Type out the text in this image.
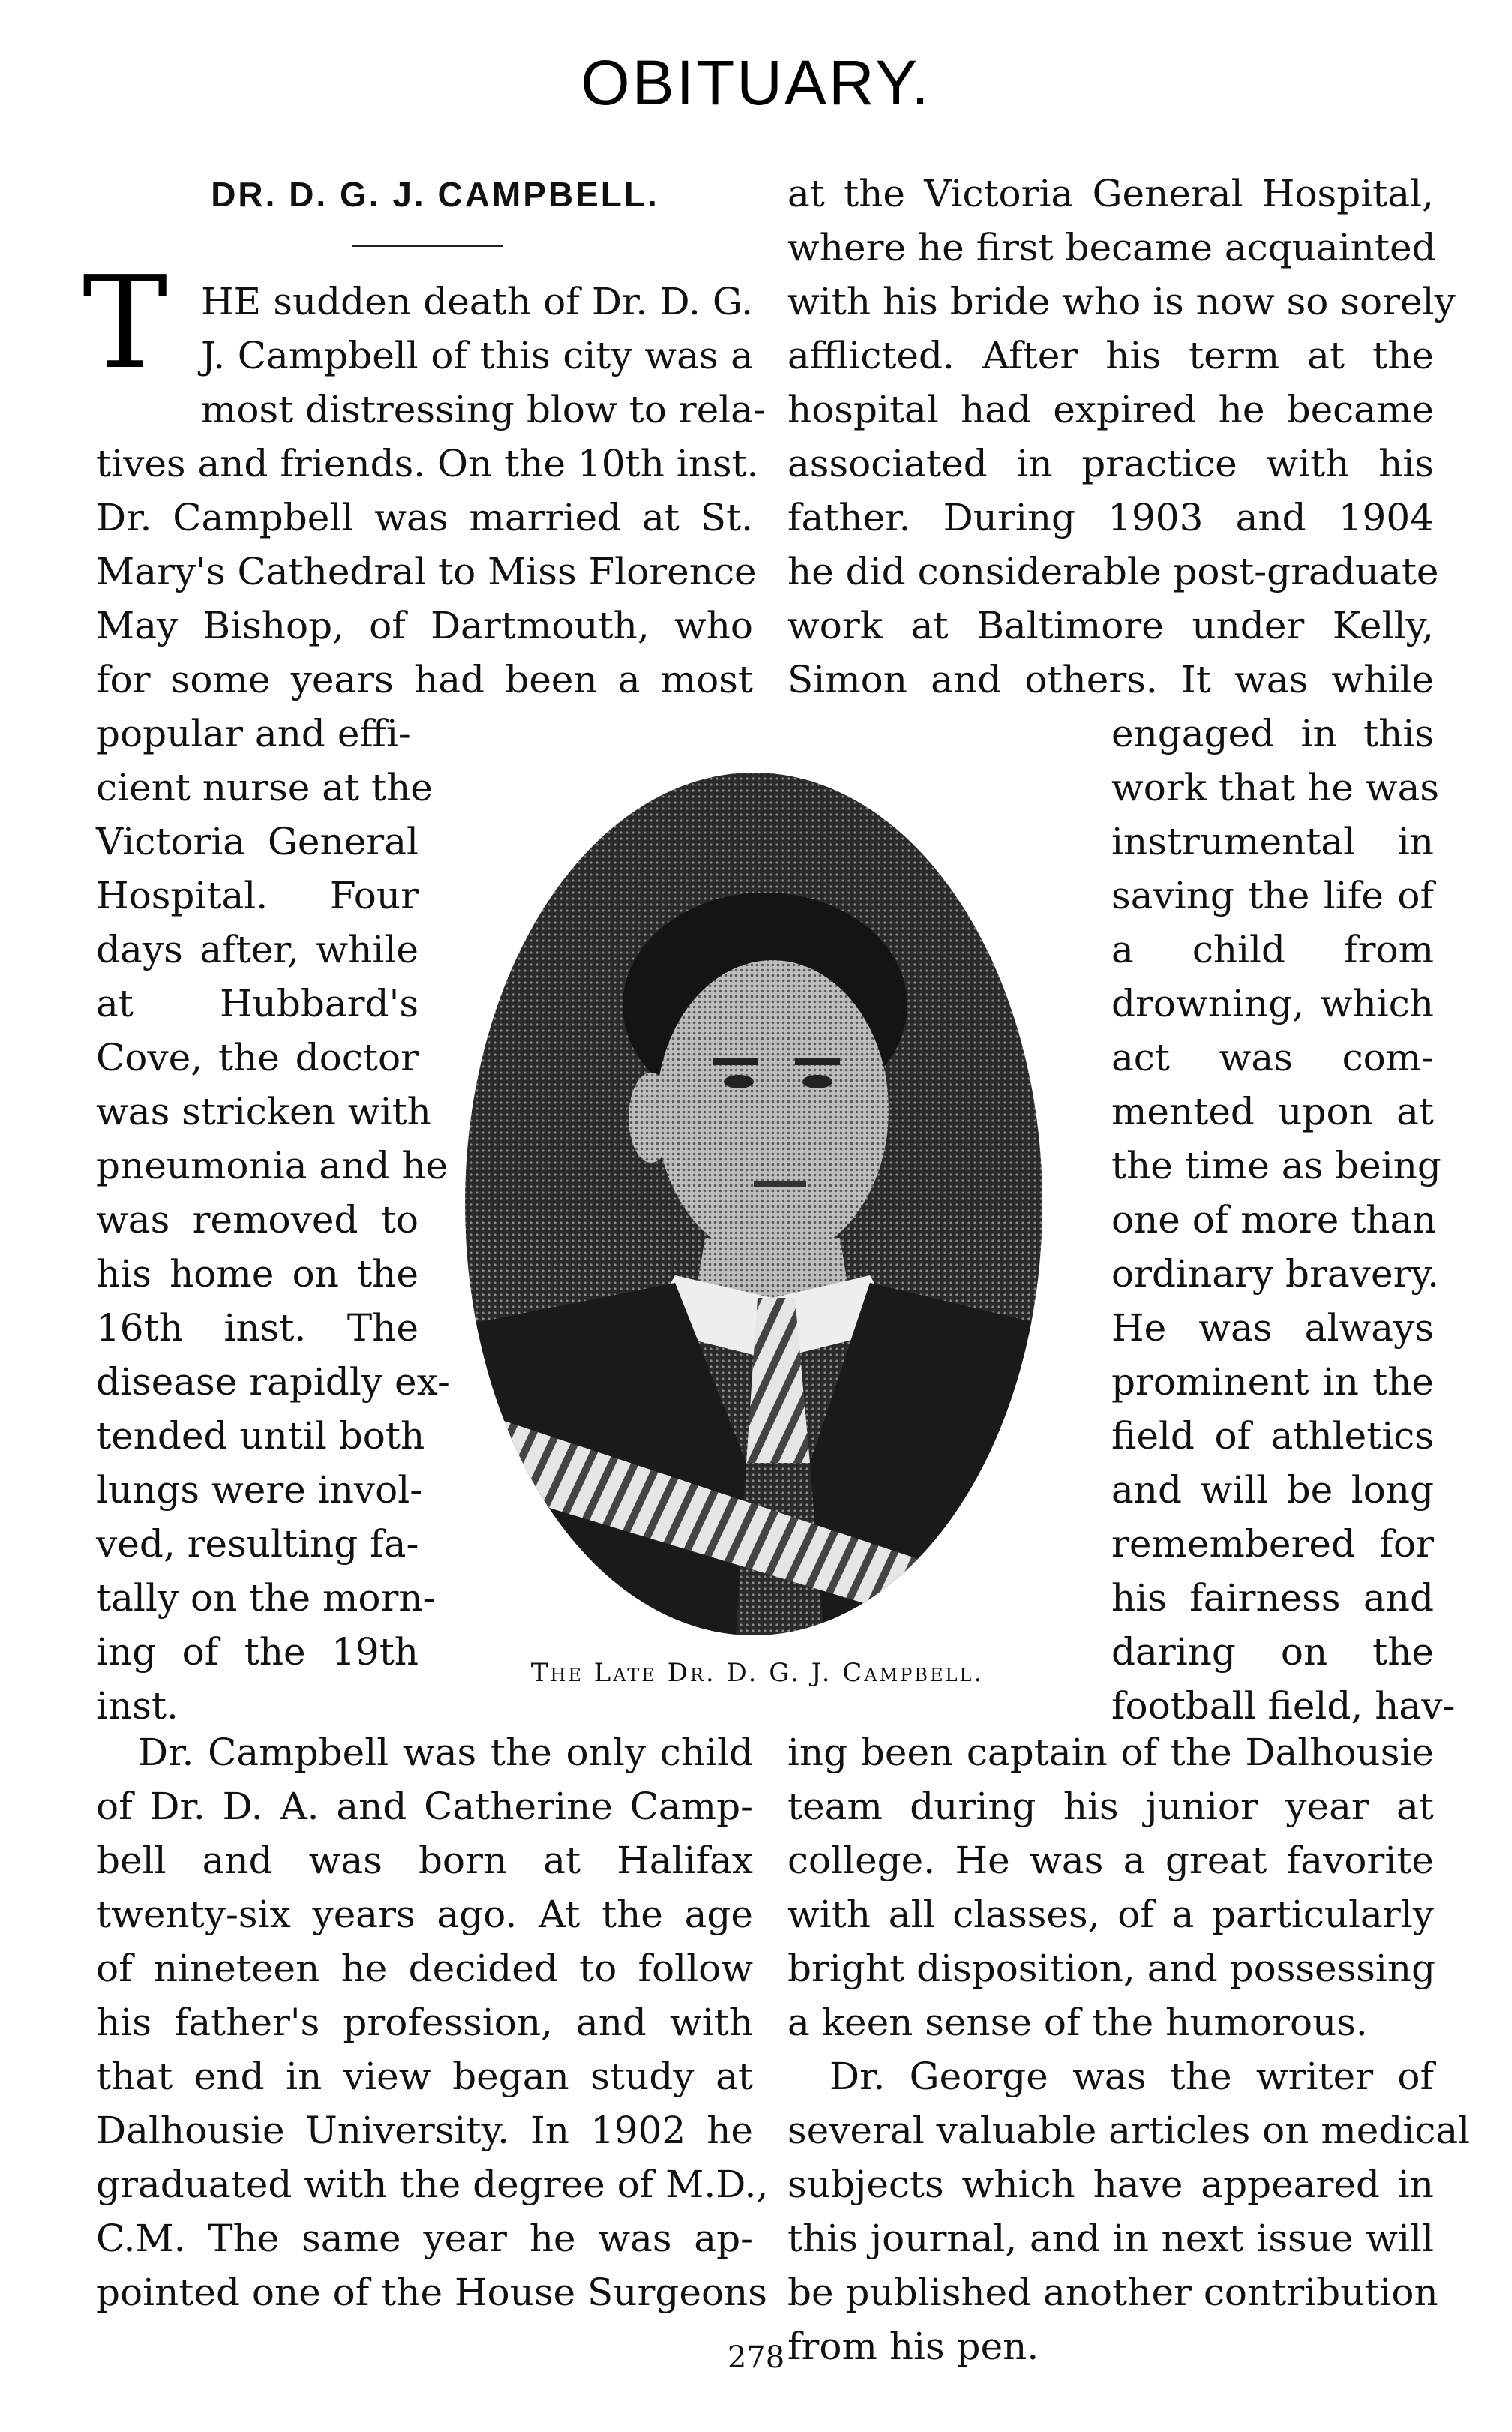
OBITUARY.
DR. D. G. J. CAMPBELL.
T HE sudden death of Dr. D. G.
J. Campbell of this city was a
most distressing blow to rela-
tives and friends. On the 10th inst.
Dr. Campbell was married at St.
Mary's Cathedral to Miss Florence
May Bishop, of Dartmouth, who
for some years had been a most
popular and effi-
cient nurse at the
Victoria General
Hospital. Four
days after, while
at Hubbard's
Cove, the doctor
was stricken with
pneumonia and he
was removed to
his home on the
16th inst. The
disease rapidly ex-
tended until both
lungs were invol-
ved, resulting fa-
tally on the morn-
ing of the 19th
inst.
Dr. Campbell was the only child
of Dr. D. A. and Catherine Camp-
bell and was born at Halifax
twenty-six years ago. At the age
of nineteen he decided to follow
his father's profession, and with
that end in view began study at
Dalhousie University. In 1902 he
graduated with the degree of M.D.,
C.M. The same year he was ap-
pointed one of the House Surgeons
at the Victoria General Hospital,
where he first became acquainted
with his bride who is now so sorely
afflicted. After his term at the
hospital had expired he became
associated in practice with his
father. During 1903 and 1904
he did considerable post-graduate
work at Baltimore under Kelly,
Simon and others. It was while
engaged in this
work that he was
instrumental in
saving the life of
a child from
drowning, which
act was com-
mented upon at
the time as being
one of more than
ordinary bravery.
He was always
prominent in the
field of athletics
and will be long
remembered for
his fairness and
daring on the
football field, hav-
ing been captain of the Dalhousie
team during his junior year at
college. He was a great favorite
with all classes, of a particularly
bright disposition, and possessing
a keen sense of the humorous.
Dr. George was the writer of
several valuable articles on medical
subjects which have appeared in
this journal, and in next issue will
be published another contribution
from his pen.
The Late Dr. D. G. J. Campbell.
278
